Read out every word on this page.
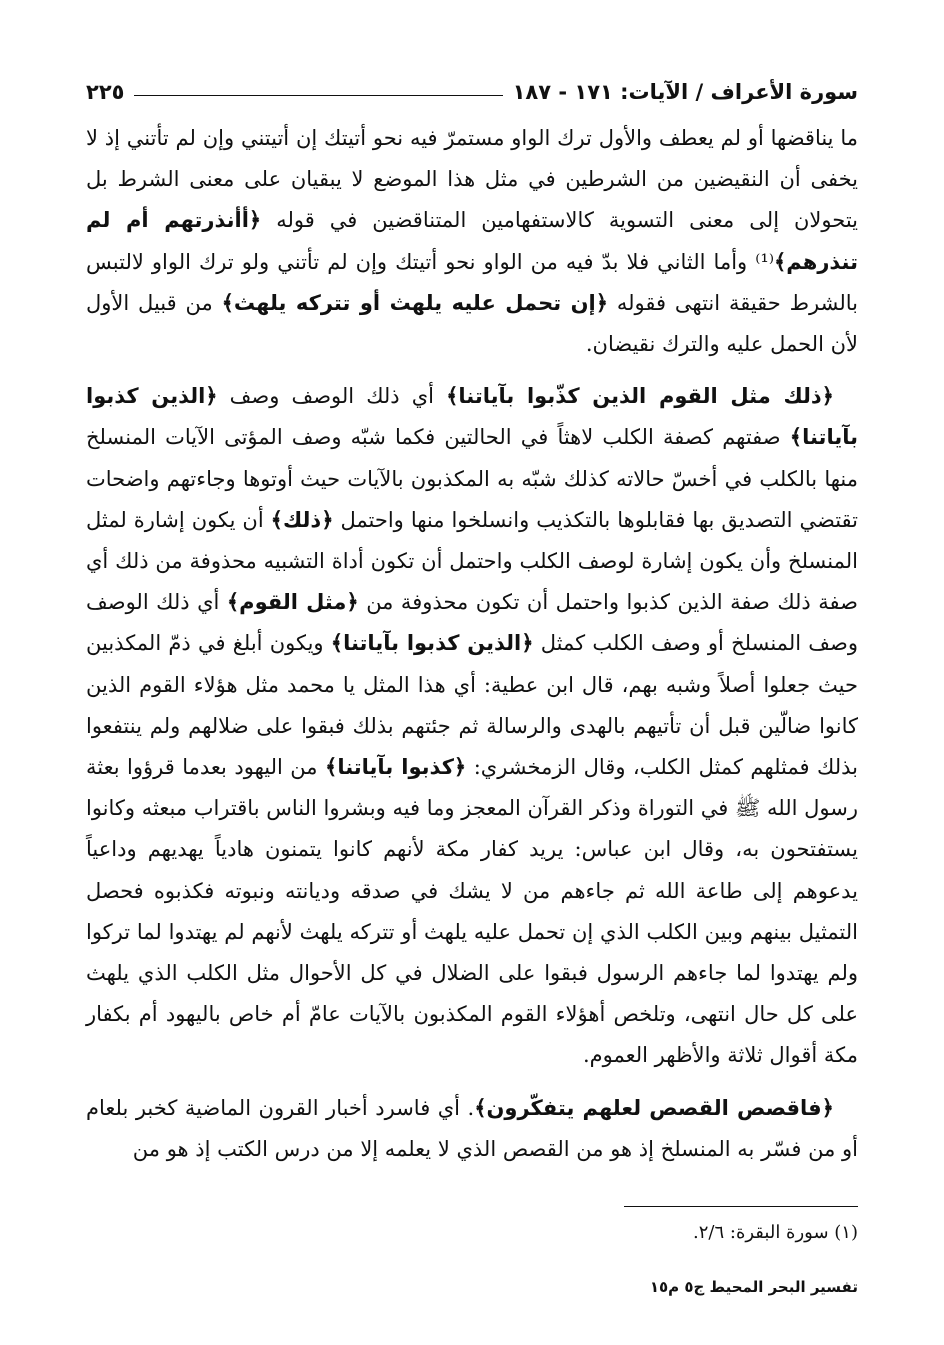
سورة الأعراف / الآيات: ١٧١ - ١٨٧
٢٢٥

ما يناقضها أو لم يعطف والأول ترك الواو مستمرّ فيه نحو أتيتك إن أتيتني وإن لم تأتني إذ لا يخفى أن النقيضين من الشرطين في مثل هذا الموضع لا يبقيان على معنى الشرط بل يتحولان إلى معنى التسوية كالاستفهامين المتناقضين في قوله ﴿أأنذرتهم أم لم تنذرهم﴾⁽¹⁾ وأما الثاني فلا بدّ فيه من الواو نحو أتيتك وإن لم تأتني ولو ترك الواو لالتبس بالشرط حقيقة انتهى فقوله ﴿إن تحمل عليه يلهث أو تتركه يلهث﴾ من قبيل الأول لأن الحمل عليه والترك نقيضان.

﴿ذلك مثل القوم الذين كذّبوا بآياتنا﴾ أي ذلك الوصف وصف ﴿الذين كذبوا بآياتنا﴾ صفتهم كصفة الكلب لاهثاً في الحالتين فكما شبّه وصف المؤتى الآيات المنسلخ منها بالكلب في أخسّ حالاته كذلك شبّه به المكذبون بالآيات حيث أوتوها وجاءتهم واضحات تقتضي التصديق بها فقابلوها بالتكذيب وانسلخوا منها واحتمل ﴿ذلك﴾ أن يكون إشارة لمثل المنسلخ وأن يكون إشارة لوصف الكلب واحتمل أن تكون أداة التشبيه محذوفة من ذلك أي صفة ذلك صفة الذين كذبوا واحتمل أن تكون محذوفة من ﴿مثل القوم﴾ أي ذلك الوصف وصف المنسلخ أو وصف الكلب كمثل ﴿الذين كذبوا بآياتنا﴾ ويكون أبلغ في ذمّ المكذبين حيث جعلوا أصلاً وشبه بهم، قال ابن عطية: أي هذا المثل يا محمد مثل هؤلاء القوم الذين كانوا ضالّين قبل أن تأتيهم بالهدى والرسالة ثم جئتهم بذلك فبقوا على ضلالهم ولم ينتفعوا بذلك فمثلهم كمثل الكلب، وقال الزمخشري: ﴿كذبوا بآياتنا﴾ من اليهود بعدما قرؤوا بعثة رسول الله ﷺ في التوراة وذكر القرآن المعجز وما فيه وبشروا الناس باقتراب مبعثه وكانوا يستفتحون به، وقال ابن عباس: يريد كفار مكة لأنهم كانوا يتمنون هادياً يهديهم وداعياً يدعوهم إلى طاعة الله ثم جاءهم من لا يشك في صدقه وديانته ونبوته فكذبوه فحصل التمثيل بينهم وبين الكلب الذي إن تحمل عليه يلهث أو تتركه يلهث لأنهم لم يهتدوا لما تركوا ولم يهتدوا لما جاءهم الرسول فبقوا على الضلال في كل الأحوال مثل الكلب الذي يلهث على كل حال انتهى، وتلخص أهؤلاء القوم المكذبون بالآيات عامّ أم خاص باليهود أم بكفار مكة أقوال ثلاثة والأظهر العموم.

﴿فاقصص القصص لعلهم يتفكّرون﴾. أي فاسرد أخبار القرون الماضية كخبر بلعام أو من فسّر به المنسلخ إذ هو من القصص الذي لا يعلمه إلا من درس الكتب إذ هو من

(١) سورة البقرة: ٢/٦.
تفسير البحر المحيط ج٥ م١٥
